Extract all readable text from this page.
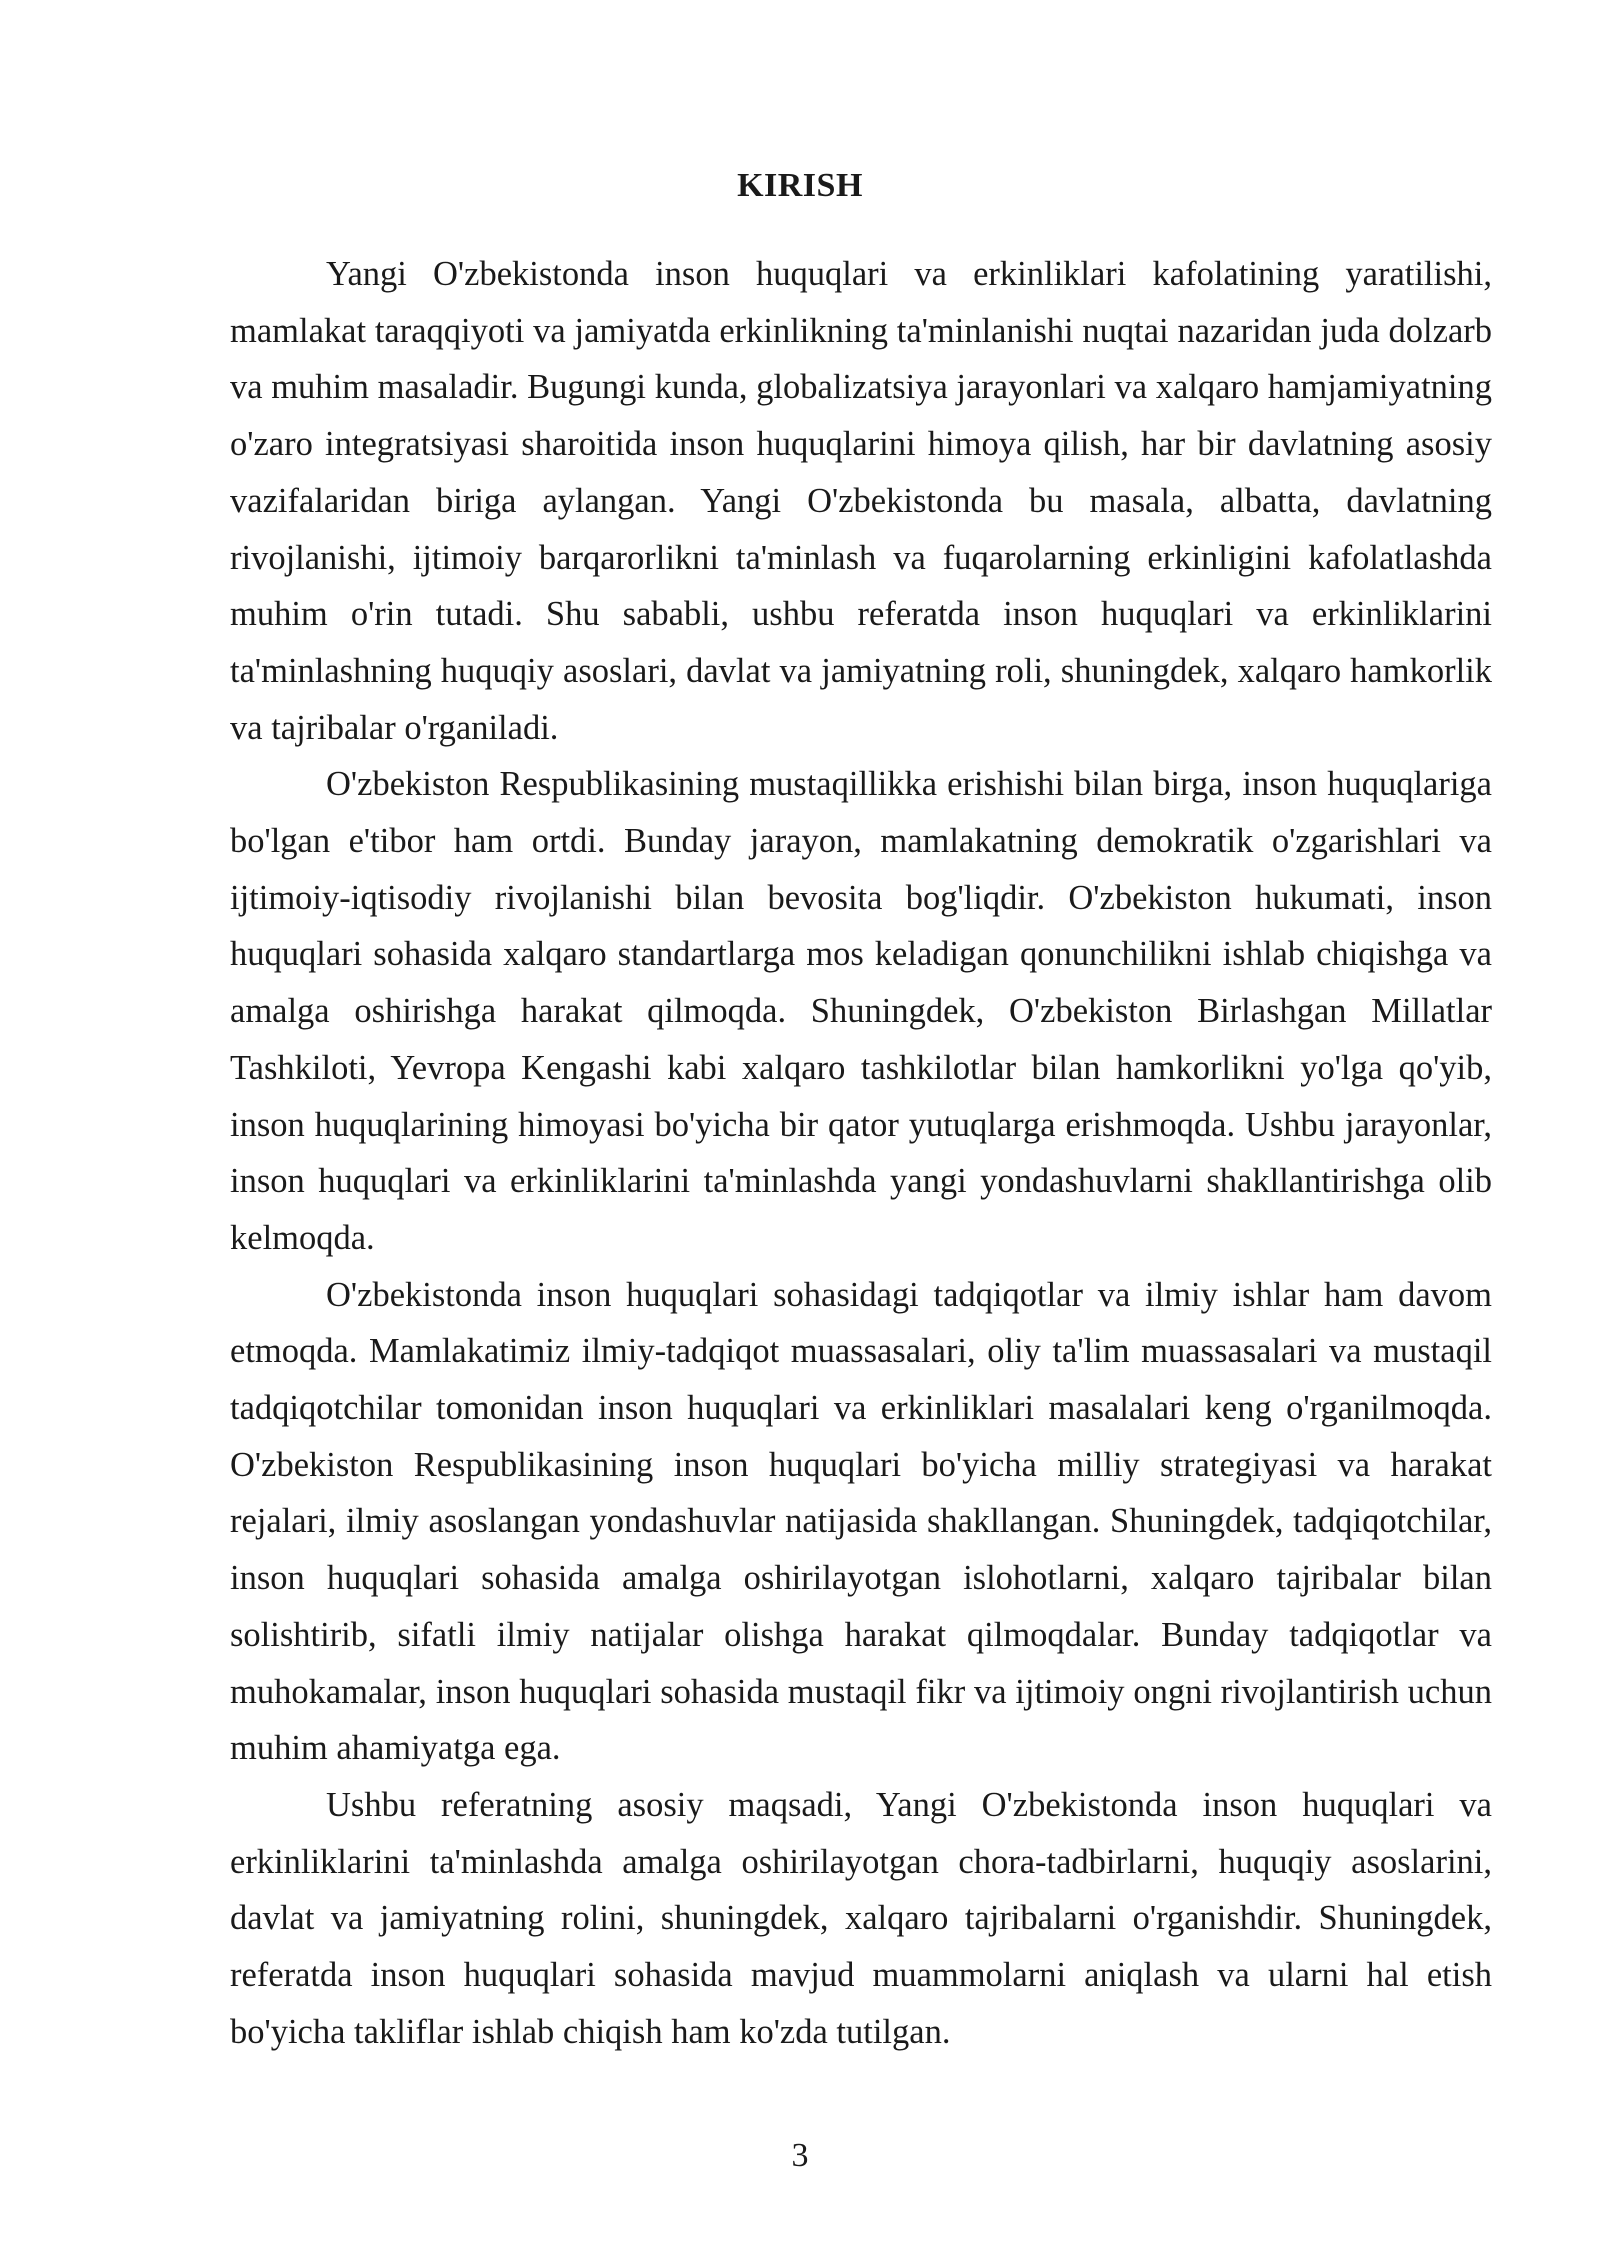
KIRISH

Yangi O'zbekistonda inson huquqlari va erkinliklari kafolatining yaratilishi, mamlakat taraqqiyoti va jamiyatda erkinlikning ta'minlanishi nuqtai nazaridan juda dolzarb va muhim masaladir. Bugungi kunda, globalizatsiya jarayonlari va xalqaro hamjamiyatning o'zaro integratsiyasi sharoitida inson huquqlarini himoya qilish, har bir davlatning asosiy vazifalaridan biriga aylangan. Yangi O'zbekistonda bu masala, albatta, davlatning rivojlanishi, ijtimoiy barqarorlikni ta'minlash va fuqarolarning erkinligini kafolatlashda muhim o'rin tutadi. Shu sababli, ushbu referatda inson huquqlari va erkinliklarini ta'minlashning huquqiy asoslari, davlat va jamiyatning roli, shuningdek, xalqaro hamkorlik va tajribalar o'rganiladi.

O'zbekiston Respublikasining mustaqillikka erishishi bilan birga, inson huquqlariga bo'lgan e'tibor ham ortdi. Bunday jarayon, mamlakatning demokratik o'zgarishlari va ijtimoiy-iqtisodiy rivojlanishi bilan bevosita bog'liqdir. O'zbekiston hukumati, inson huquqlari sohasida xalqaro standartlarga mos keladigan qonunchilikni ishlab chiqishga va amalga oshirishga harakat qilmoqda. Shuningdek, O'zbekiston Birlashgan Millatlar Tashkiloti, Yevropa Kengashi kabi xalqaro tashkilotlar bilan hamkorlikni yo'lga qo'yib, inson huquqlarining himoyasi bo'yicha bir qator yutuqlarga erishmoqda. Ushbu jarayonlar, inson huquqlari va erkinliklarini ta'minlashda yangi yondashuvlarni shakllantirishga olib kelmoqda.

O'zbekistonda inson huquqlari sohasidagi tadqiqotlar va ilmiy ishlar ham davom etmoqda. Mamlakatimiz ilmiy-tadqiqot muassasalari, oliy ta'lim muassasalari va mustaqil tadqiqotchilar tomonidan inson huquqlari va erkinliklari masalalari keng o'rganilmoqda. O'zbekiston Respublikasining inson huquqlari bo'yicha milliy strategiyasi va harakat rejalari, ilmiy asoslangan yondashuvlar natijasida shakllangan. Shuningdek, tadqiqotchilar, inson huquqlari sohasida amalga oshirilayotgan islohotlarni, xalqaro tajribalar bilan solishtirib, sifatli ilmiy natijalar olishga harakat qilmoqdalar. Bunday tadqiqotlar va muhokamalar, inson huquqlari sohasida mustaqil fikr va ijtimoiy ongni rivojlantirish uchun muhim ahamiyatga ega.

Ushbu referatning asosiy maqsadi, Yangi O'zbekistonda inson huquqlari va erkinliklarini ta'minlashda amalga oshirilayotgan chora-tadbirlarni, huquqiy asoslarini, davlat va jamiyatning rolini, shuningdek, xalqaro tajribalarni o'rganishdir. Shuningdek, referatda inson huquqlari sohasida mavjud muammolarni aniqlash va ularni hal etish bo'yicha takliflar ishlab chiqish ham ko'zda tutilgan.

3
